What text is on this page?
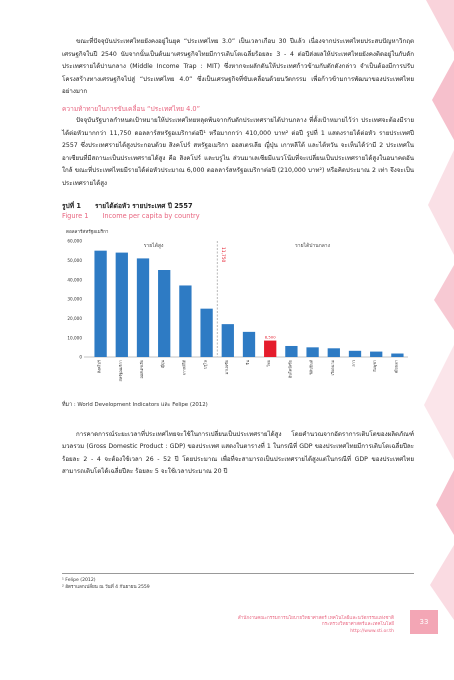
ขณะที่ปัจจุบันประเทศไทยยังคงอยู่ในยุค “ประเทศไทย 3.0” เป็นเวลาเกือบ 30 ปีแล้ว เนื่องจากประเทศไทยประสบปัญหาวิกฤตเศรษฐกิจในปี 2540 นับจากนั้นเป็นต้นมาเศรษฐกิจไทยมีการเติบโตเฉลี่ยร้อยละ 3 - 4 ต่อปีส่งผลให้ประเทศไทยยังคงติดอยู่ในกับดักประเทศรายได้ปานกลาง (Middle Income Trap : MIT) ซึ่งหากจะผลักดันให้ประเทศก้าวข้ามกับดักดังกล่าว จำเป็นต้องมีการปรับโครงสร้างทางเศรษฐกิจไปสู่ “ประเทศไทย 4.0” ซึ่งเป็นเศรษฐกิจที่ขับเคลื่อนด้วยนวัตกรรม เพื่อก้าวข้ามการพัฒนาของประเทศไทยอย่างมาก

ความท้าทายในการขับเคลื่อน “ประเทศไทย 4.0”

ปัจจุบันรัฐบาลกำหนดเป้าหมายให้ประเทศไทยหลุดพ้นจากกับดักประเทศรายได้ปานกลาง ที่ตั้งเป้าหมายไว้ว่า ประเทศจะต้องมีรายได้ต่อหัวมากกว่า 11,750 ดอลลาร์สหรัฐอเมริกาต่อปี¹ หรือมากกว่า 410,000 บาท² ต่อปี รูปที่ 1 แสดงรายได้ต่อหัว รายประเทศปี 2557 ซึ่งประเทศรายได้สูงประกอบด้วย สิงคโปร์ สหรัฐอเมริกา ออสเตรเลีย ญี่ปุ่น เกาหลีใต้ และไต้หวัน จะเห็นได้ว่ามี 2 ประเทศในอาเซียนที่มีสถานะเป็นประเทศรายได้สูง คือ สิงคโปร์ และบรูไน ส่วนมาเลเซียมีแนวโน้มที่จะเปลี่ยนเป็นประเทศรายได้สูงในอนาคตอันใกล้ ขณะที่ประเทศไทยมีรายได้ต่อหัวประมาณ 6,000 ดอลลาร์สหรัฐอเมริกาต่อปี (210,000 บาท²) หรือคิดประมาณ 2 เท่า จึงจะเป็นประเทศรายได้สูง

รูปที่ 1 รายได้ต่อหัว รายประเทศ ปี 2557
Figure 1 Income per capita by country
ดอลลาร์สหรัฐอเมริกา
60,000
50,000
40,000
30,000
20,000
10,000
0
สิงคโปร์	สหรัฐอเมริกา	ออสเตรเลีย	ญี่ปุ่น	เกาหลีใต้	บรูไน	มาเลเซีย	จีน	ไทย	อินโดนีเซีย	ฟิลิปปินส์	เวียดนาม	ลาว	กัมพูชา	เมียนมา
11,750
รายได้สูง	รายได้ปานกลาง
8,500
ที่มา : World Development Indicators และ Felipe (2012)

การคาดการณ์ระยะเวลาที่ประเทศไทยจะใช้ในการเปลี่ยนเป็นประเทศรายได้สูง โดยคำนวณจากอัตราการเติบโตของผลิตภัณฑ์มวลรวม (Gross Domestic Product : GDP) ของประเทศ แสดงในตารางที่ 1 ในกรณีที่ GDP ของประเทศไทยมีการเติบโตเฉลี่ยปีละ ร้อยละ 2 - 4 จะต้องใช้เวลา 26 - 52 ปี โดยประมาณ เพื่อที่จะสามารถเป็นประเทศรายได้สูงแต่ในกรณีที่ GDP ของประเทศไทยสามารถเติบโตได้เฉลี่ยปีละ ร้อยละ 5 จะใช้เวลาประมาณ 20 ปี

¹ Felipe (2012)
² อัตราแลกเปลี่ยน ณ วันที่ 4 กันยายน 2559
สำนักงานคณะกรรมการนโยบายวิทยาศาสตร์ เทคโนโลยีและนวัตกรรมแห่งชาติ
กระทรวงวิทยาศาสตร์และเทคโนโลยี
http://www.sti.or.th
33
